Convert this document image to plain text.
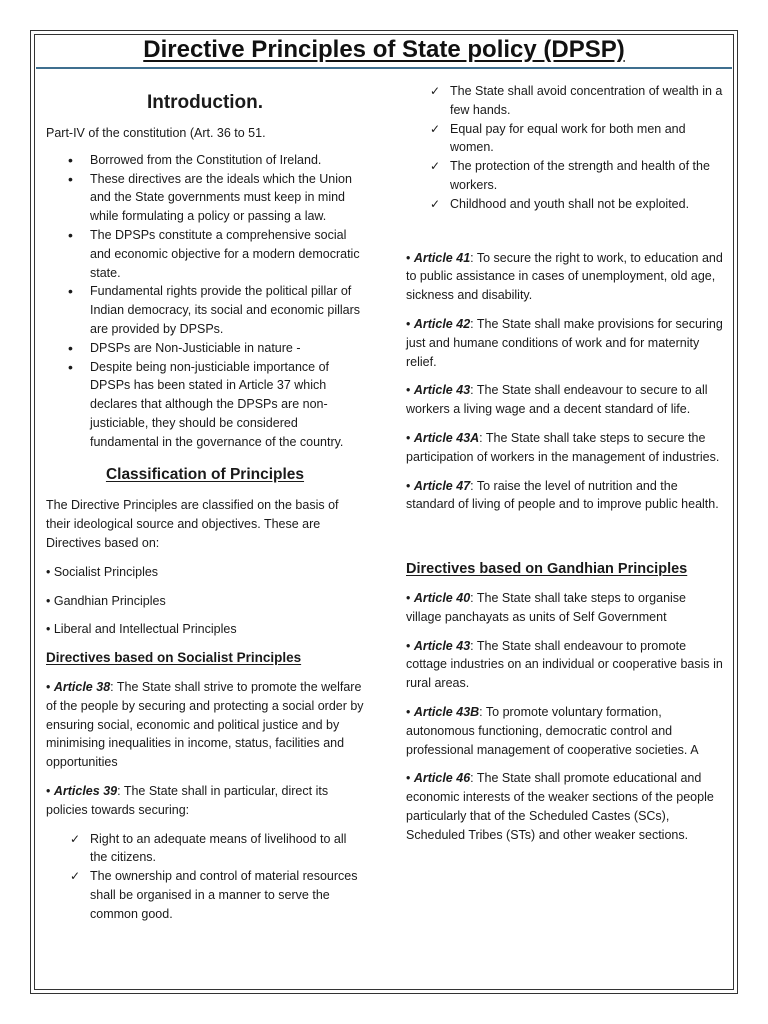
Directive Principles of State policy (DPSP)
Introduction.

Part-IV of the constitution (Art. 36 to 51.

• Borrowed from the Constitution of Ireland.
• These directives are the ideals which the Union and the State governments must keep in mind while formulating a policy or passing a law.
• The DPSPs constitute a comprehensive social and economic objective for a modern democratic state.
• Fundamental rights provide the political pillar of Indian democracy, its social and economic pillars are provided by DPSPs.
• DPSPs are Non-Justiciable in nature -
• Despite being non-justiciable importance of DPSPs has been stated in Article 37 which declares that although the DPSPs are non-justiciable, they should be considered fundamental in the governance of the country.
Classification of Principles

The Directive Principles are classified on the basis of their ideological source and objectives. These are Directives based on:

• Socialist Principles

• Gandhian Principles

• Liberal and Intellectual Principles

Directives based on Socialist Principles

• Article 38: The State shall strive to promote the welfare of the people by securing and protecting a social order by ensuring social, economic and political justice and by minimising inequalities in income, status, facilities and opportunities

• Articles 39: The State shall in particular, direct its policies towards securing:

✓ Right to an adequate means of livelihood to all the citizens.
✓ The ownership and control of material resources shall be organised in a manner to serve the common good.
✓ The State shall avoid concentration of wealth in a few hands.
✓ Equal pay for equal work for both men and women.
✓ The protection of the strength and health of the workers.
✓ Childhood and youth shall not be exploited.

• Article 41: To secure the right to work, to education and to public assistance in cases of unemployment, old age, sickness and disability.

• Article 42: The State shall make provisions for securing just and humane conditions of work and for maternity relief.

• Article 43: The State shall endeavour to secure to all workers a living wage and a decent standard of life.

• Article 43A: The State shall take steps to secure the participation of workers in the management of industries.

• Article 47: To raise the level of nutrition and the standard of living of people and to improve public health.

Directives based on Gandhian Principles

• Article 40: The State shall take steps to organise village panchayats as units of Self Government

• Article 43: The State shall endeavour to promote cottage industries on an individual or cooperative basis in rural areas.

• Article 43B: To promote voluntary formation, autonomous functioning, democratic control and professional management of cooperative societies. A

• Article 46: The State shall promote educational and economic interests of the weaker sections of the people particularly that of the Scheduled Castes (SCs), Scheduled Tribes (STs) and other weaker sections.
